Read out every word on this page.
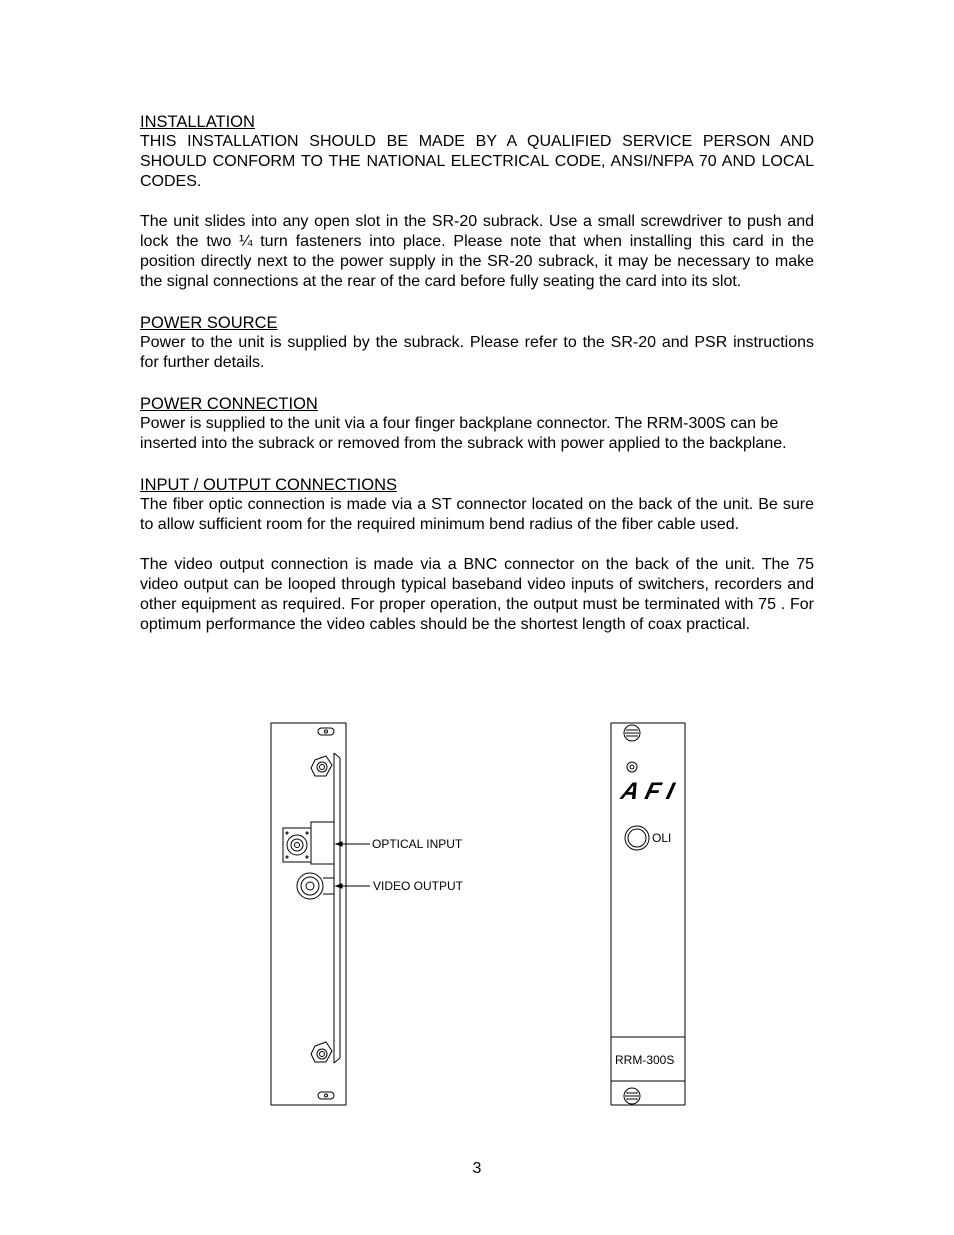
INSTALLATION

THIS INSTALLATION SHOULD BE MADE BY A QUALIFIED SERVICE PERSON AND SHOULD CONFORM TO THE NATIONAL ELECTRICAL CODE, ANSI/NFPA 70 AND LOCAL CODES.

The unit slides into any open slot in the SR-20 subrack. Use a small screwdriver to push and lock the two ¼ turn fasteners into place. Please note that when installing this card in the position directly next to the power supply in the SR-20 subrack, it may be necessary to make the signal connections at the rear of the card before fully seating the card into its slot.

POWER SOURCE

Power to the unit is supplied by the subrack. Please refer to the SR-20 and PSR instructions for further details.

POWER CONNECTION

Power is supplied to the unit via a four finger backplane connector. The RRM-300S can be inserted into the subrack or removed from the subrack with power applied to the backplane.

INPUT / OUTPUT CONNECTIONS

The fiber optic connection is made via a ST connector located on the back of the unit. Be sure to allow sufficient room for the required minimum bend radius of the fiber cable used.

The video output connection is made via a BNC connector on the back of the unit. The 75 video output can be looped through typical baseband video inputs of switchers, recorders and other equipment as required. For proper operation, the output must be terminated with 75 . For optimum performance the video cables should be the shortest length of coax practical.

OPTICAL INPUT
VIDEO OUTPUT
AFI
OLI
RRM-300S
3
